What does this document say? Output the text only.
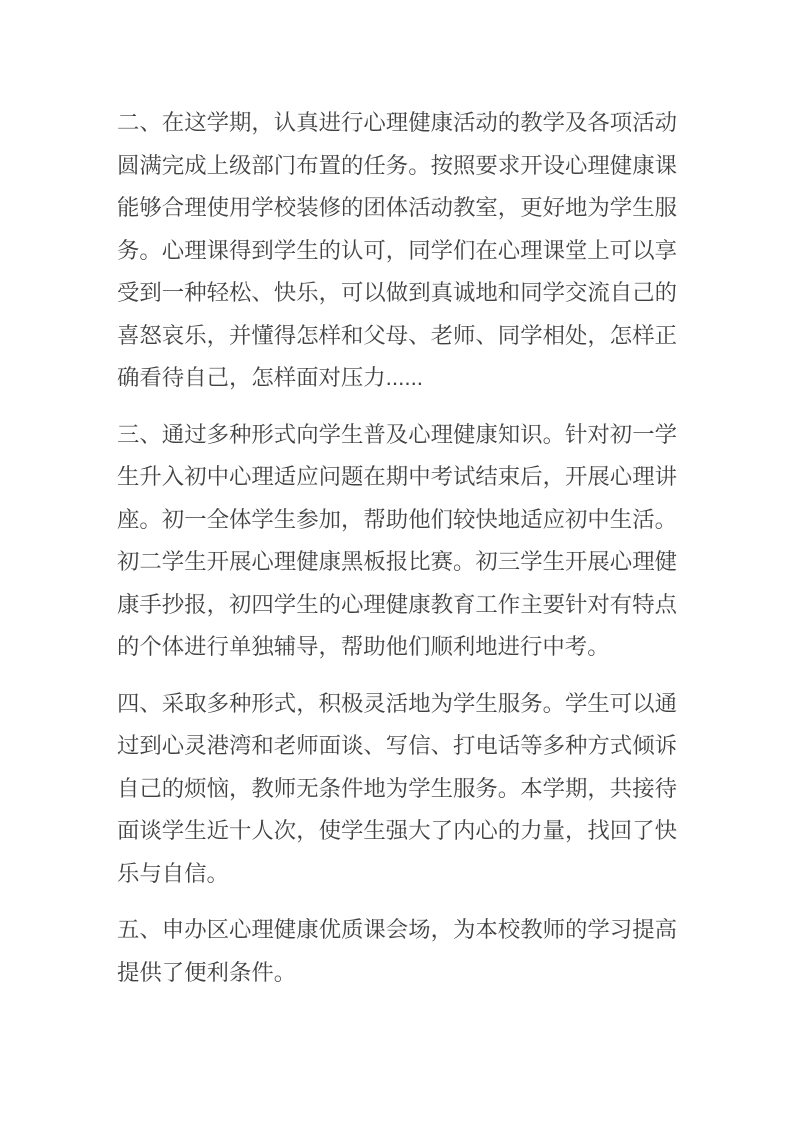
二、在这学期，认真进行心理健康活动的教学及各项活动圆满完成上级部门布置的任务。按照要求开设心理健康课能够合理使用学校装修的团体活动教室，更好地为学生服务。心理课得到学生的认可，同学们在心理课堂上可以享受到一种轻松、快乐，可以做到真诚地和同学交流自己的喜怒哀乐，并懂得怎样和父母、老师、同学相处，怎样正确看待自己，怎样面对压力......

三、通过多种形式向学生普及心理健康知识。针对初一学生升入初中心理适应问题在期中考试结束后，开展心理讲座。初一全体学生参加，帮助他们较快地适应初中生活。初二学生开展心理健康黑板报比赛。初三学生开展心理健康手抄报，初四学生的心理健康教育工作主要针对有特点的个体进行单独辅导，帮助他们顺利地进行中考。

四、采取多种形式，积极灵活地为学生服务。学生可以通过到心灵港湾和老师面谈、写信、打电话等多种方式倾诉自己的烦恼，教师无条件地为学生服务。本学期，共接待面谈学生近十人次，使学生强大了内心的力量，找回了快乐与自信。

五、申办区心理健康优质课会场，为本校教师的学习提高提供了便利条件。
